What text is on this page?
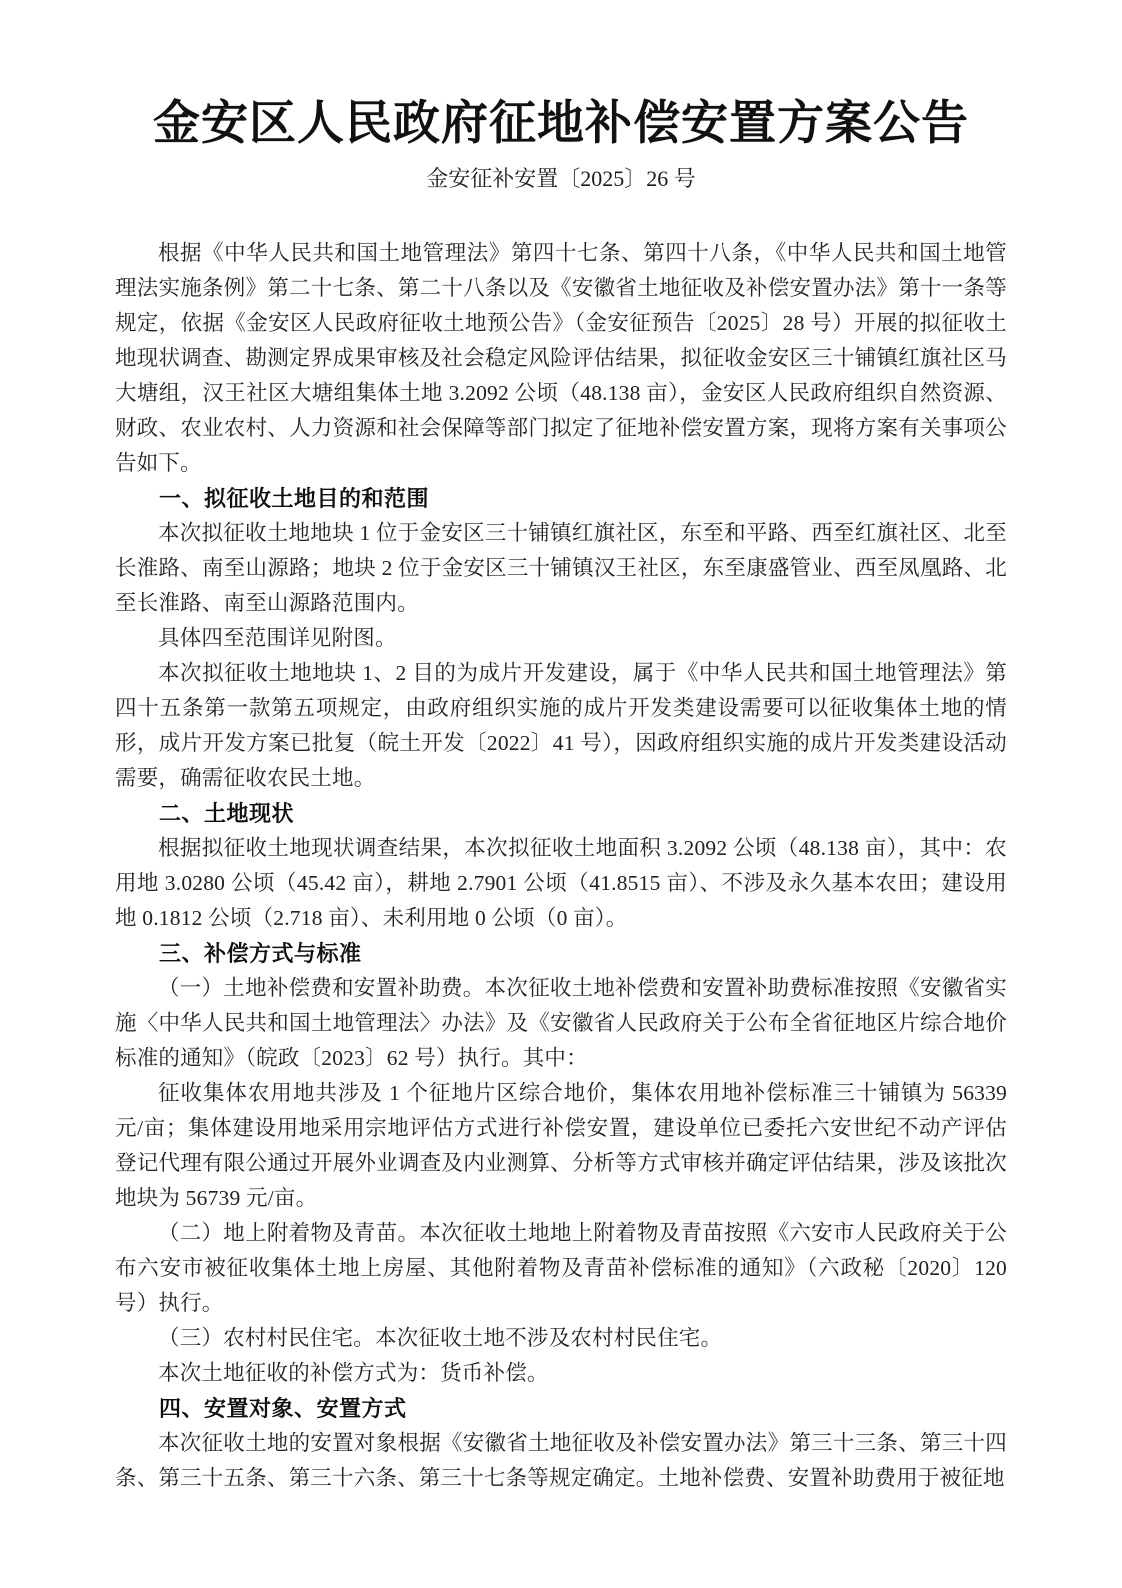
金安区人民政府征地补偿安置方案公告
金安征补安置〔2025〕26 号

根据《中华人民共和国土地管理法》第四十七条、第四十八条，《中华人民共和国土地管理法实施条例》第二十七条、第二十八条以及《安徽省土地征收及补偿安置办法》第十一条等规定，依据《金安区人民政府征收土地预公告》（金安征预告〔2025〕28 号）开展的拟征收土地现状调查、勘测定界成果审核及社会稳定风险评估结果，拟征收金安区三十铺镇红旗社区马大塘组，汉王社区大塘组集体土地 3.2092 公顷（48.138 亩），金安区人民政府组织自然资源、财政、农业农村、人力资源和社会保障等部门拟定了征地补偿安置方案，现将方案有关事项公告如下。

一、拟征收土地目的和范围

本次拟征收土地地块 1 位于金安区三十铺镇红旗社区，东至和平路、西至红旗社区、北至长淮路、南至山源路；地块 2 位于金安区三十铺镇汉王社区，东至康盛管业、西至凤凰路、北至长淮路、南至山源路范围内。

具体四至范围详见附图。

本次拟征收土地地块 1、2 目的为成片开发建设，属于《中华人民共和国土地管理法》第四十五条第一款第五项规定，由政府组织实施的成片开发类建设需要可以征收集体土地的情形，成片开发方案已批复（皖土开发〔2022〕41 号），因政府组织实施的成片开发类建设活动需要，确需征收农民土地。

二、土地现状

根据拟征收土地现状调查结果，本次拟征收土地面积 3.2092 公顷（48.138 亩），其中：农用地 3.0280 公顷（45.42 亩），耕地 2.7901 公顷（41.8515 亩）、不涉及永久基本农田；建设用地 0.1812 公顷（2.718 亩）、未利用地 0 公顷（0 亩）。

三、补偿方式与标准

（一）土地补偿费和安置补助费。本次征收土地补偿费和安置补助费标准按照《安徽省实施〈中华人民共和国土地管理法〉办法》及《安徽省人民政府关于公布全省征地区片综合地价标准的通知》（皖政〔2023〕62 号）执行。其中：

征收集体农用地共涉及 1 个征地片区综合地价，集体农用地补偿标准三十铺镇为 56339 元/亩；集体建设用地采用宗地评估方式进行补偿安置，建设单位已委托六安世纪不动产评估登记代理有限公通过开展外业调查及内业测算、分析等方式审核并确定评估结果，涉及该批次地块为 56739 元/亩。

（二）地上附着物及青苗。本次征收土地地上附着物及青苗按照《六安市人民政府关于公布六安市被征收集体土地上房屋、其他附着物及青苗补偿标准的通知》（六政秘〔2020〕120 号）执行。

（三）农村村民住宅。本次征收土地不涉及农村村民住宅。

本次土地征收的补偿方式为：货币补偿。

四、安置对象、安置方式

本次征收土地的安置对象根据《安徽省土地征收及补偿安置办法》第三十三条、第三十四条、第三十五条、第三十六条、第三十七条等规定确定。土地补偿费、安置补助费用于被征地
